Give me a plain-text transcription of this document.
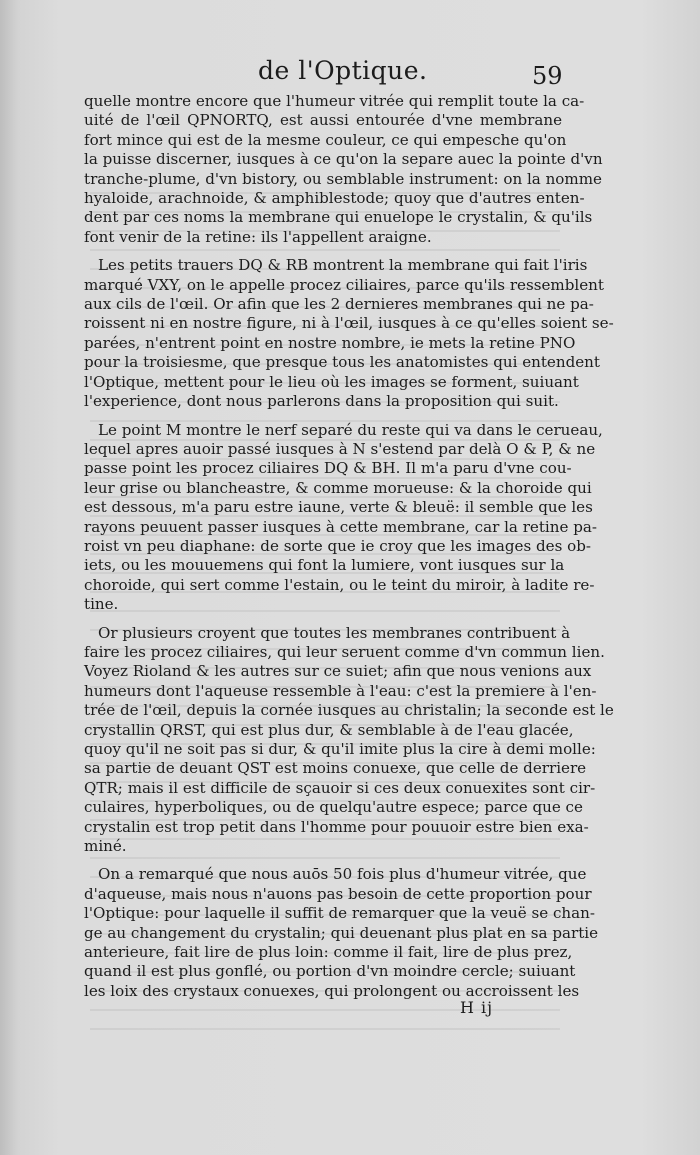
de l'Optique.	59
quelle montre encore que l'humeur vitrée qui remplit toute la ca-
uité de l'œil QPNORTQ, est aussi entourée d'vne membrane
fort mince qui est de la mesme couleur, ce qui empesche qu'on
la puisse discerner, iusques à ce qu'on la separe auec la pointe d'vn
tranche-plume, d'vn bistory, ou semblable instrument: on la nomme
hyaloide, arachnoide, & amphiblestode; quoy que d'autres enten-
dent par ces noms la membrane qui enuelope le crystalin, & qu'ils
font venir de la retine: ils l'appellent araigne.
Les petits trauers DQ & RB montrent la membrane qui fait l'iris
marqué VXY, on le appelle procez ciliaires, parce qu'ils ressemblent
aux cils de l'œil. Or afin que les 2 dernieres membranes qui ne pa-
roissent ni en nostre figure, ni à l'œil, iusques à ce qu'elles soient se-
parées, n'entrent point en nostre nombre, ie mets la retine PNO
pour la troisiesme, que presque tous les anatomistes qui entendent
l'Optique, mettent pour le lieu où les images se forment, suiuant
l'experience, dont nous parlerons dans la proposition qui suit.
Le point M montre le nerf separé du reste qui va dans le cerueau,
lequel apres auoir passé iusques à N s'estend par delà O & P, & ne
passe point les procez ciliaires DQ & BH. Il m'a paru d'vne cou-
leur grise ou blancheastre, & comme morueuse: & la choroide qui
est dessous, m'a paru estre iaune, verte & bleuë: il semble que les
rayons peuuent passer iusques à cette membrane, car la retine pa-
roist vn peu diaphane: de sorte que ie croy que les images des ob-
iets, ou les mouuemens qui font la lumiere, vont iusques sur la
choroide, qui sert comme l'estain, ou le teint du miroir, à ladite re-
tine.
Or plusieurs croyent que toutes les membranes contribuent à
faire les procez ciliaires, qui leur seruent comme d'vn commun lien.
Voyez Rioland & les autres sur ce suiet; afin que nous venions aux
humeurs dont l'aqueuse ressemble à l'eau: c'est la premiere à l'en-
trée de l'œil, depuis la cornée iusques au christalin; la seconde est le
crystallin QRST, qui est plus dur, & semblable à de l'eau glacée,
quoy qu'il ne soit pas si dur, & qu'il imite plus la cire à demi molle:
sa partie de deuant QST est moins conuexe, que celle de derriere
QTR; mais il est difficile de sçauoir si ces deux conuexites sont cir-
culaires, hyperboliques, ou de quelqu'autre espece; parce que ce
crystalin est trop petit dans l'homme pour pouuoir estre bien exa-
miné.
On a remarqué que nous auōs 50 fois plus d'humeur vitrée, que
d'aqueuse, mais nous n'auons pas besoin de cette proportion pour
l'Optique: pour laquelle il suffit de remarquer que la veuë se chan-
ge au changement du crystalin; qui deuenant plus plat en sa partie
anterieure, fait lire de plus loin: comme il fait, lire de plus prez,
quand il est plus gonflé, ou portion d'vn moindre cercle; suiuant
les loix des crystaux conuexes, qui prolongent ou accroissent les
H ij
